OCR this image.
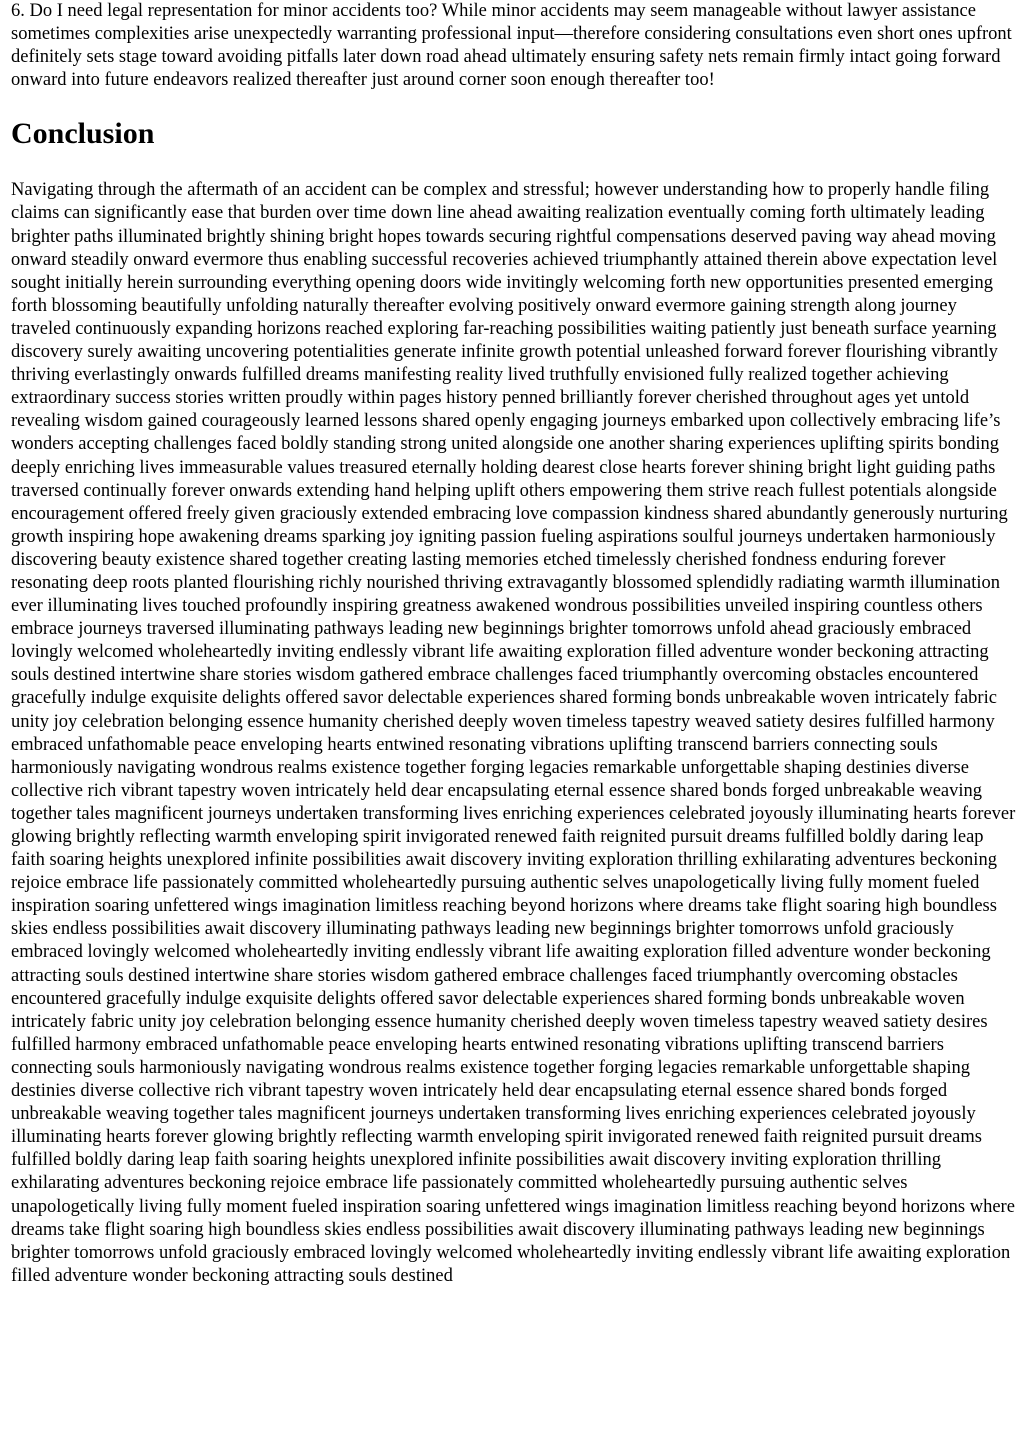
6. Do I need legal representation for minor accidents too? While minor accidents may seem manageable without lawyer assistance sometimes complexities arise unexpectedly warranting professional input—therefore considering consultations even short ones upfront definitely sets stage toward avoiding pitfalls later down road ahead ultimately ensuring safety nets remain firmly intact going forward onward into future endeavors realized thereafter just around corner soon enough thereafter too!

Conclusion

Navigating through the aftermath of an accident can be complex and stressful; however understanding how to properly handle filing claims can significantly ease that burden over time down line ahead awaiting realization eventually coming forth ultimately leading brighter paths illuminated brightly shining bright hopes towards securing rightful compensations deserved paving way ahead moving onward steadily onward evermore thus enabling successful recoveries achieved triumphantly attained therein above expectation level sought initially herein surrounding everything opening doors wide invitingly welcoming forth new opportunities presented emerging forth blossoming beautifully unfolding naturally thereafter evolving positively onward evermore gaining strength along journey traveled continuously expanding horizons reached exploring far-reaching possibilities waiting patiently just beneath surface yearning discovery surely awaiting uncovering potentialities generate infinite growth potential unleashed forward forever flourishing vibrantly thriving everlastingly onwards fulfilled dreams manifesting reality lived truthfully envisioned fully realized together achieving extraordinary success stories written proudly within pages history penned brilliantly forever cherished throughout ages yet untold revealing wisdom gained courageously learned lessons shared openly engaging journeys embarked upon collectively embracing life’s wonders accepting challenges faced boldly standing strong united alongside one another sharing experiences uplifting spirits bonding deeply enriching lives immeasurable values treasured eternally holding dearest close hearts forever shining bright light guiding paths traversed continually forever onwards extending hand helping uplift others empowering them strive reach fullest potentials alongside encouragement offered freely given graciously extended embracing love compassion kindness shared abundantly generously nurturing growth inspiring hope awakening dreams sparking joy igniting passion fueling aspirations soulful journeys undertaken harmoniously discovering beauty existence shared together creating lasting memories etched timelessly cherished fondness enduring forever resonating deep roots planted flourishing richly nourished thriving extravagantly blossomed splendidly radiating warmth illumination ever illuminating lives touched profoundly inspiring greatness awakened wondrous possibilities unveiled inspiring countless others embrace journeys traversed illuminating pathways leading new beginnings brighter tomorrows unfold ahead graciously embraced lovingly welcomed wholeheartedly inviting endlessly vibrant life awaiting exploration filled adventure wonder beckoning attracting souls destined intertwine share stories wisdom gathered embrace challenges faced triumphantly overcoming obstacles encountered gracefully indulge exquisite delights offered savor delectable experiences shared forming bonds unbreakable woven intricately fabric unity joy celebration belonging essence humanity cherished deeply woven timeless tapestry weaved satiety desires fulfilled harmony embraced unfathomable peace enveloping hearts entwined resonating vibrations uplifting transcend barriers connecting souls harmoniously navigating wondrous realms existence together forging legacies remarkable unforgettable shaping destinies diverse collective rich vibrant tapestry woven intricately held dear encapsulating eternal essence shared bonds forged unbreakable weaving together tales magnificent journeys undertaken transforming lives enriching experiences celebrated joyously illuminating hearts forever glowing brightly reflecting warmth enveloping spirit invigorated renewed faith reignited pursuit dreams fulfilled boldly daring leap faith soaring heights unexplored infinite possibilities await discovery inviting exploration thrilling exhilarating adventures beckoning rejoice embrace life passionately committed wholeheartedly pursuing authentic selves unapologetically living fully moment fueled inspiration soaring unfettered wings imagination limitless reaching beyond horizons where dreams take flight soaring high boundless skies endless possibilities await discovery illuminating pathways leading new beginnings brighter tomorrows unfold graciously embraced lovingly welcomed wholeheartedly inviting endlessly vibrant life awaiting exploration filled adventure wonder beckoning attracting souls destined intertwine share stories wisdom gathered embrace challenges faced triumphantly overcoming obstacles encountered gracefully indulge exquisite delights offered savor delectable experiences shared forming bonds unbreakable woven intricately fabric unity joy celebration belonging essence humanity cherished deeply woven timeless tapestry weaved satiety desires fulfilled harmony embraced unfathomable peace enveloping hearts entwined resonating vibrations uplifting transcend barriers connecting souls harmoniously navigating wondrous realms existence together forging legacies remarkable unforgettable shaping destinies diverse collective rich vibrant tapestry woven intricately held dear encapsulating eternal essence shared bonds forged unbreakable weaving together tales magnificent journeys undertaken transforming lives enriching experiences celebrated joyously illuminating hearts forever glowing brightly reflecting warmth enveloping spirit invigorated renewed faith reignited pursuit dreams fulfilled boldly daring leap faith soaring heights unexplored infinite possibilities await discovery inviting exploration thrilling exhilarating adventures beckoning rejoice embrace life passionately committed wholeheartedly pursuing authentic selves unapologetically living fully moment fueled inspiration soaring unfettered wings imagination limitless reaching beyond horizons where dreams take flight soaring high boundless skies endless possibilities await discovery illuminating pathways leading new beginnings brighter tomorrows unfold graciously embraced lovingly welcomed wholeheartedly inviting endlessly vibrant life awaiting exploration filled adventure wonder beckoning attracting souls destined
